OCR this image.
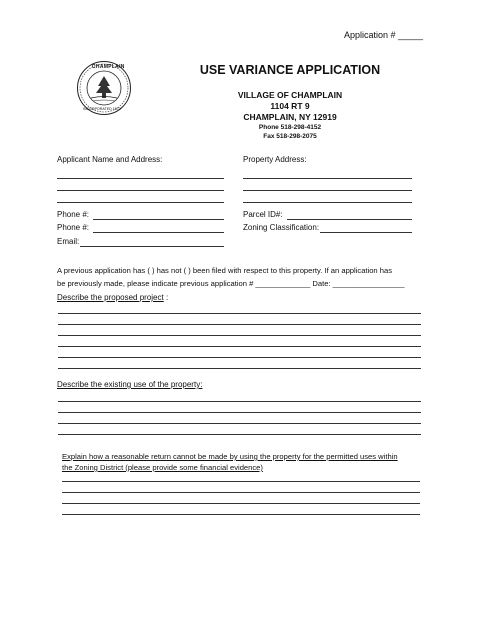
Application # _____
CHAMPLAIN
INCORPORATED 1873
USE VARIANCE APPLICATION
VILLAGE OF CHAMPLAIN
1104 RT 9
CHAMPLAIN, NY 12919
Phone 518-298-4152
Fax 518-298-2075
Applicant Name and Address:	Property Address:
Phone #:	Parcel ID#:
Phone #:	Zoning Classification:
Email:
A previous application has ( ) has not ( ) been filed with respect to this property. If an application has
be previously made, please indicate previous application # _____________ Date: _________________
Describe the proposed project :
Describe the existing use of the property:
Explain how a reasonable return cannot be made by using the property for the permitted uses within
the Zoning District (please provide some financial evidence)
